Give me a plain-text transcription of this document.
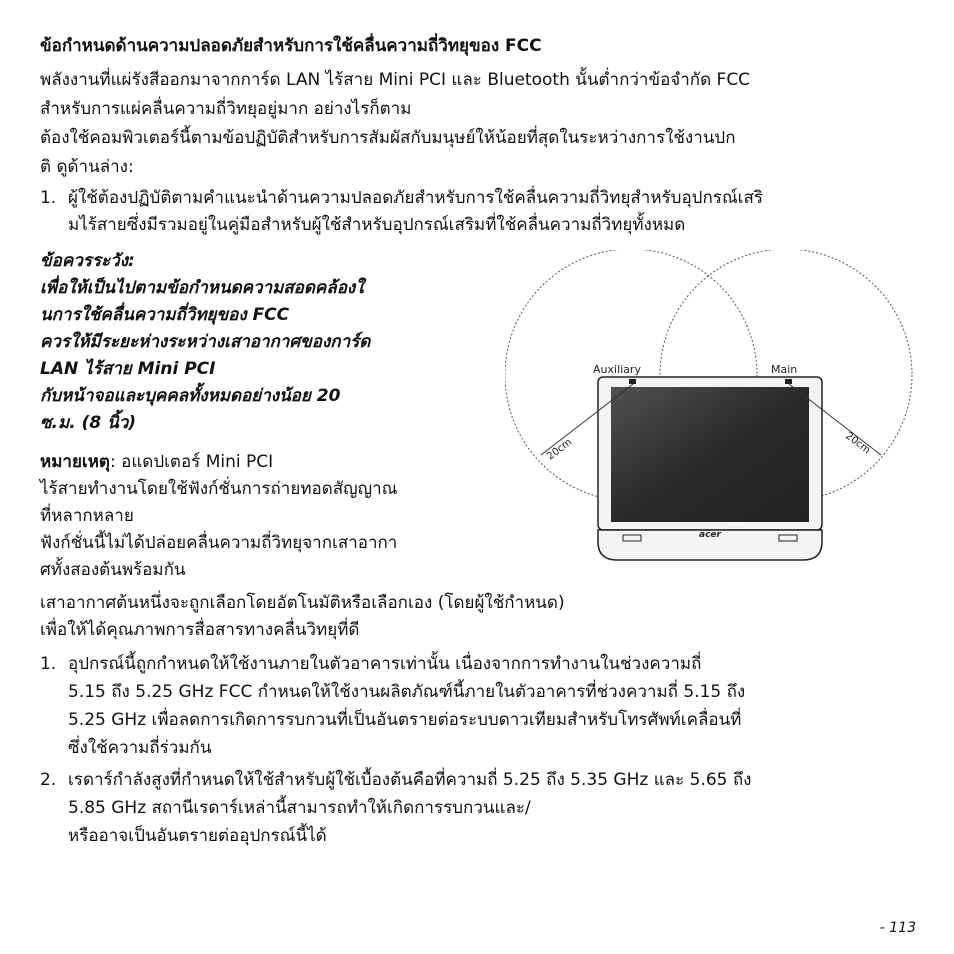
ข้อกำหนดด้านความปลอดภัยสำหรับการใช้คลื่นความถี่วิทยุของ FCC
พลังงานที่แผ่รังสีออกมาจากการ์ด LAN ไร้สาย Mini PCI และ Bluetooth นั้นต่ำกว่าข้อจำกัด FCC
สำหรับการแผ่คลื่นความถี่วิทยุอยู่มาก อย่างไรก็ตาม
ต้องใช้คอมพิวเตอร์นี้ตามข้อปฏิบัติสำหรับการสัมผัสกับมนุษย์ให้น้อยที่สุดในระหว่างการใช้งานปก
ติ ดูด้านล่าง:
1. ผู้ใช้ต้องปฏิบัติตามคำแนะนำด้านความปลอดภัยสำหรับการใช้คลื่นความถี่วิทยุสำหรับอุปกรณ์เสริ
มไร้สายซึ่งมีรวมอยู่ในคู่มือสำหรับผู้ใช้สำหรับอุปกรณ์เสริมที่ใช้คลื่นความถี่วิทยุทั้งหมด
ข้อควรระวัง:
เพื่อให้เป็นไปตามข้อกำหนดความสอดคล้องใ
นการใช้คลื่นความถี่วิทยุของ FCC
ควรให้มีระยะห่างระหว่างเสาอากาศของการ์ด
LAN ไร้สาย Mini PCI
กับหน้าจอและบุคคลทั้งหมดอย่างน้อย 20
ซ.ม. (8 นิ้ว)
หมายเหตุ: อแดปเตอร์ Mini PCI
ไร้สายทำงานโดยใช้ฟังก์ชั่นการถ่ายทอดสัญญาณ
ที่หลากหลาย
ฟังก์ชั่นนี้ไม่ได้ปล่อยคลื่นความถี่วิทยุจากเสาอากา
ศทั้งสองต้นพร้อมกัน
เสาอากาศต้นหนึ่งจะถูกเลือกโดยอัตโนมัติหรือเลือกเอง (โดยผู้ใช้กำหนด)
เพื่อให้ได้คุณภาพการสื่อสารทางคลื่นวิทยุที่ดี
1. อุปกรณ์นี้ถูกกำหนดให้ใช้งานภายในตัวอาคารเท่านั้น เนื่องจากการทำงานในช่วงความถี่
5.15 ถึง 5.25 GHz FCC กำหนดให้ใช้งานผลิตภัณฑ์นี้ภายในตัวอาคารที่ช่วงความถี่ 5.15 ถึง
5.25 GHz เพื่อลดการเกิดการรบกวนที่เป็นอันตรายต่อระบบดาวเทียมสำหรับโทรศัพท์เคลื่อนที่
ซึ่งใช้ความถี่ร่วมกัน
2. เรดาร์กำลังสูงที่กำหนดให้ใช้สำหรับผู้ใช้เบื้องต้นคือที่ความถี่ 5.25 ถึง 5.35 GHz และ 5.65 ถึง
5.85 GHz สถานีเรดาร์เหล่านี้สามารถทำให้เกิดการรบกวนและ/
หรืออาจเป็นอันตรายต่ออุปกรณ์นี้ได้
acer
Auxiliary	Main
20cm	20cm
- 113
